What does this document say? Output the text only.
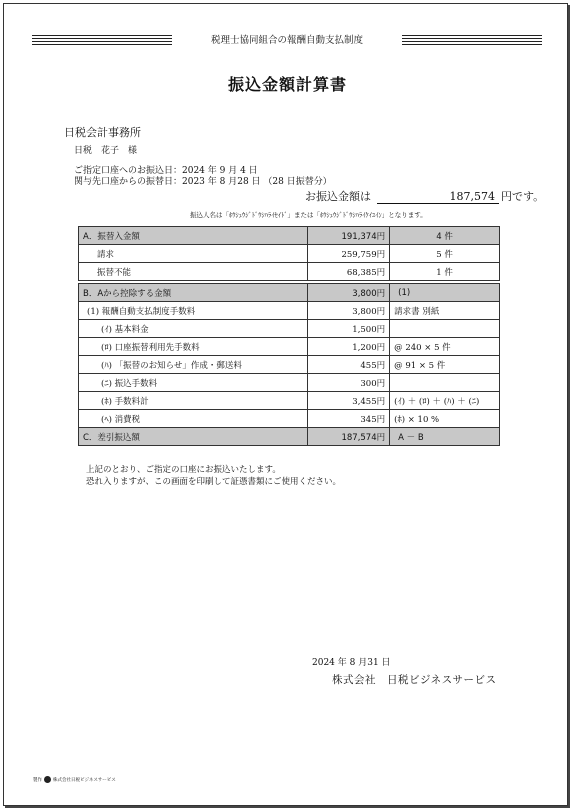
税理士協同組合の報酬自動支払制度
振込金額計算書
日税会計事務所
日税　花子　様
ご指定口座へのお振込日：2024 年 9 月 4 日
関与先口座からの振替日：2023 年 8 月28 日 （28 日振替分）
お振込金額は	187,574 円です。
振込人名は「ﾎｳｼｭｳｼﾞﾄﾞｳｼﾊﾗｲｾｲﾄﾞ」または「ﾎｳｼｭｳｼﾞﾄﾞｳｼﾊﾗｲｹｲﾕｲﾝ」となります。
A．振替入金額	191,374円	4 件
請求	259,759円	5 件
振替不能	68,385円	1 件

B．Aから控除する金額	3,800円	(1)
(1) 報酬自動支払制度手数料	3,800円	請求書 別紙
(ｲ) 基本料金	1,500円	
(ﾛ) 口座振替利用先手数料	1,200円	@ 240 × 5 件
(ﾊ) 「振替のお知らせ」作成・郵送料	455円	@ 91 × 5 件
(ﾆ) 振込手数料	300円	
(ﾎ) 手数料計	3,455円	(ｲ) ＋ (ﾛ) ＋ (ﾊ) ＋ (ﾆ)
(ﾍ) 消費税	345円	(ﾎ) × 10 %
C．差引振込額	187,574円	A － B
上記のとおり、ご指定の口座にお振込いたします。
恐れ入りますが、この画面を印刷して証憑書類にご使用ください。
2024 年 8 月31 日
株式会社　日税ビジネスサービス
製作 株式会社日税ビジネスサービス
